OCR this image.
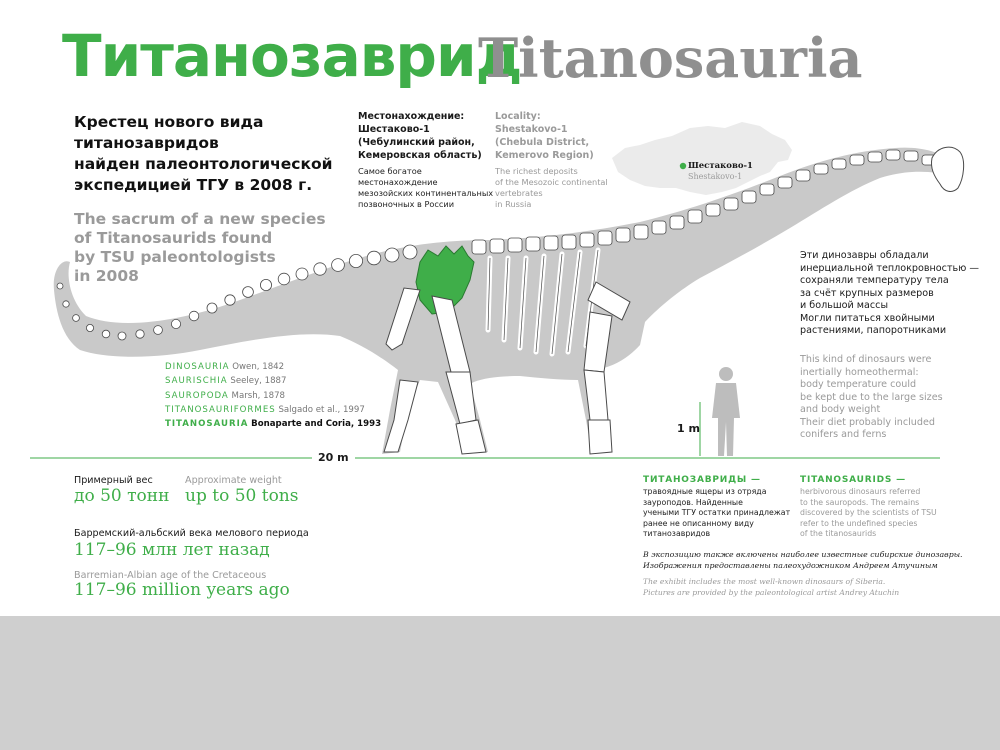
Титанозаврид
Titanosauria
Крестец нового вида
титанозавридов
найден палеонтологической
экспедицией ТГУ в 2008 г.
The sacrum of a new species
of Titanosaurids found
by TSU paleontologists
in 2008
Местонахождение:
Шестаково-1
(Чебулинский район,
Кемеровская область)
Самое богатое
местонахождение
мезозойских континентальных
позвоночных в России
Locality:
Shestakovo-1
(Chebula District,
Kemerovo Region)
The richest deposits
of the Mesozoic continental
vertebrates
in Russia
Шестаково-1
Shestakovo-1
Эти динозавры обладали
инерциальной теплокровностью —
сохраняли температуру тела
за счёт крупных размеров
и большой массы
Могли питаться хвойными
растениями, папоротниками
This kind of dinosaurs were
inertially homeothermal:
body temperature could
be kept due to the large sizes
and body weight
Their diet probably included
conifers and ferns
DINOSAURIA Owen, 1842
SAURISCHIA Seeley, 1887
SAUROPODA Marsh, 1878
TITANOSAURIFORMES Salgado et al., 1997
TITANOSAURIA Bonaparte and Coria, 1993
20 m
1 m
Примерный вес	Approximate weight
до 50 тонн up to 50 tons
Барремский-альбский века мелового периода
117–96 млн лет назад
Barremian-Albian age of the Cretaceous
117–96 million years ago
ТИТАНОЗАВРИДЫ —
травоядные ящеры из отряда
зауроподов. Найденные
учеными ТГУ остатки принадлежат
ранее не описанному виду
титанозавридов
TITANOSAURIDS —
herbivorous dinosaurs referred
to the sauropods. The remains
discovered by the scientists of TSU
refer to the undefined species
of the titanosaurids
В экспозицию также включены наиболее известные сибирские динозавры.
Изображения предоставлены палеохудожником Андреем Атучиным
The exhibit includes the most well-known dinosaurs of Siberia.
Pictures are provided by the paleontological artist Andrey Atuchin
